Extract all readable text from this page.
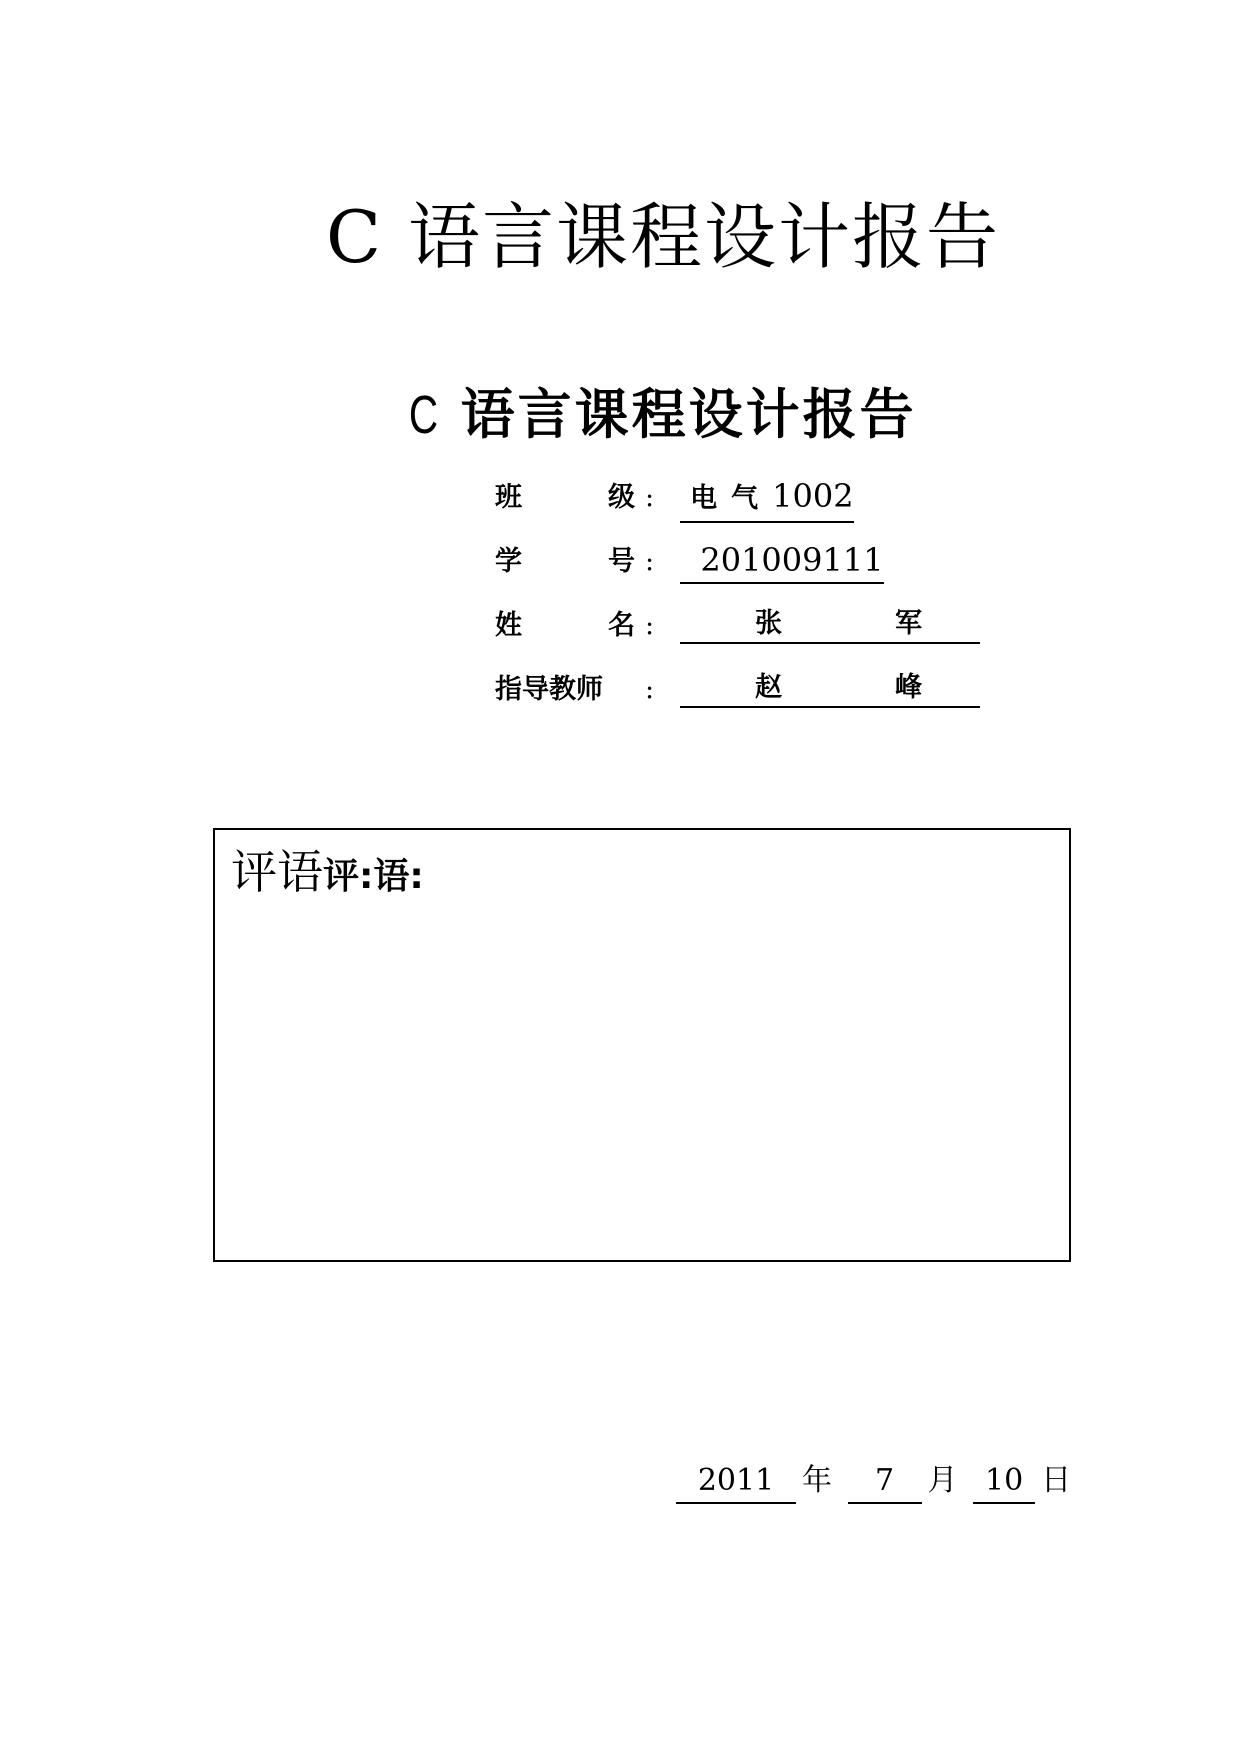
C 语言课程设计报告
C 语言课程设计报告
班	级 :	电气1002
学	号 :	201009111
姓	名 :	张	军
指导教师	:	赵	峰
评语评:语:
2011 年 7 月 10 日
